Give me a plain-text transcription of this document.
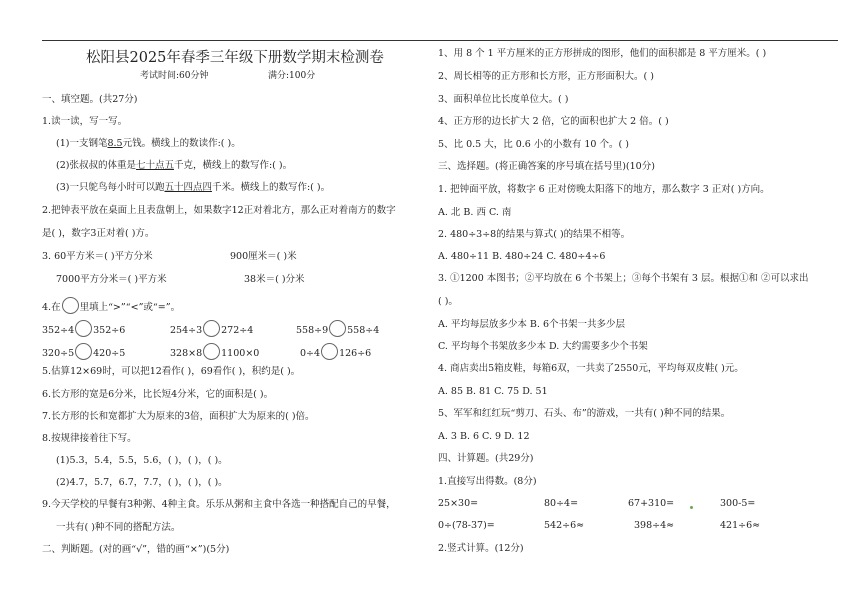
松阳县2025年春季三年级下册数学期末检测卷
考试时间:60分钟	满分:100分
一、填空题。(共27分)
1.读一读，写一写。
(1)一支钢笔8.5元钱。横线上的数读作:( )。
(2)张叔叔的体重是七十点五千克，横线上的数写作:( )。
(3)一只鸵鸟每小时可以跑五十四点四千米。横线上的数写作:( )。
2.把钟表平放在桌面上且表盘朝上，如果数字12正对着北方，那么正对着南方的数字
是( )，数字3正对着( )方。
3. 60平方米＝( )平方分米	900厘米＝( )米
7000平方分米＝( )平方米	38米＝( )分米
4.在 里填上“>”“<”或“=”。
352÷4 352÷6	254÷3 272÷4	558÷9 558÷4
320÷5 420÷5	328×8 1100×0	0÷4 126÷6
5.估算12×69时，可以把12看作( )，69看作( )，积约是( )。
6.长方形的宽是6分米，比长短4分米，它的面积是( )。
7.长方形的长和宽都扩大为原来的3倍，面积扩大为原来的( )倍。
8.按规律接着往下写。
(1)5.3，5.4，5.5，5.6，( )，( )，( )。
(2)4.7，5.7，6.7，7.7，( )，( )，( )。
9.今天学校的早餐有3种粥、4种主食。乐乐从粥和主食中各选一种搭配自己的早餐，
一共有( )种不同的搭配方法。
二、判断题。(对的画“√”，错的画“×”)(5分)
1、用 8 个 1 平方厘米的正方形拼成的图形，他们的面积都是 8 平方厘米。( )
2、周长相等的正方形和长方形，正方形面积大。( )
3、面积单位比长度单位大。( )
4、正方形的边长扩大 2 倍，它的面积也扩大 2 倍。( )
5、比 0.5 大，比 0.6 小的小数有 10 个。( )
三、选择题。(将正确答案的序号填在括号里)(10分)
1. 把钟面平放，将数字 6 正对傍晚太阳落下的地方，那么数字 3 正对( )方向。
A. 北 B. 西 C. 南
2. 480÷3÷8的结果与算式( )的结果不相等。
A. 480÷11 B. 480÷24 C. 480÷4÷6
3. ①1200 本图书；②平均放在 6 个书架上；③每个书架有 3 层。根据①和 ②可以求出
( )。
A. 平均每层放多少本 B. 6个书架一共多少层
C. 平均每个书架放多少本 D. 大约需要多少个书架
4. 商店卖出5箱皮鞋，每箱6双，一共卖了2550元，平均每双皮鞋( )元。
A. 85 B. 81 C. 75 D. 51
5、军军和红红玩“剪刀、石头、布”的游戏，一共有( )种不同的结果。
A. 3 B. 6 C. 9 D. 12
四、计算题。(共29分)
1.直接写出得数。(8分)
25×30=	80÷4=	67+310=	300-5=
0÷(78-37)=	542÷6≈	398÷4≈	421÷6≈
2.竖式计算。(12分)
